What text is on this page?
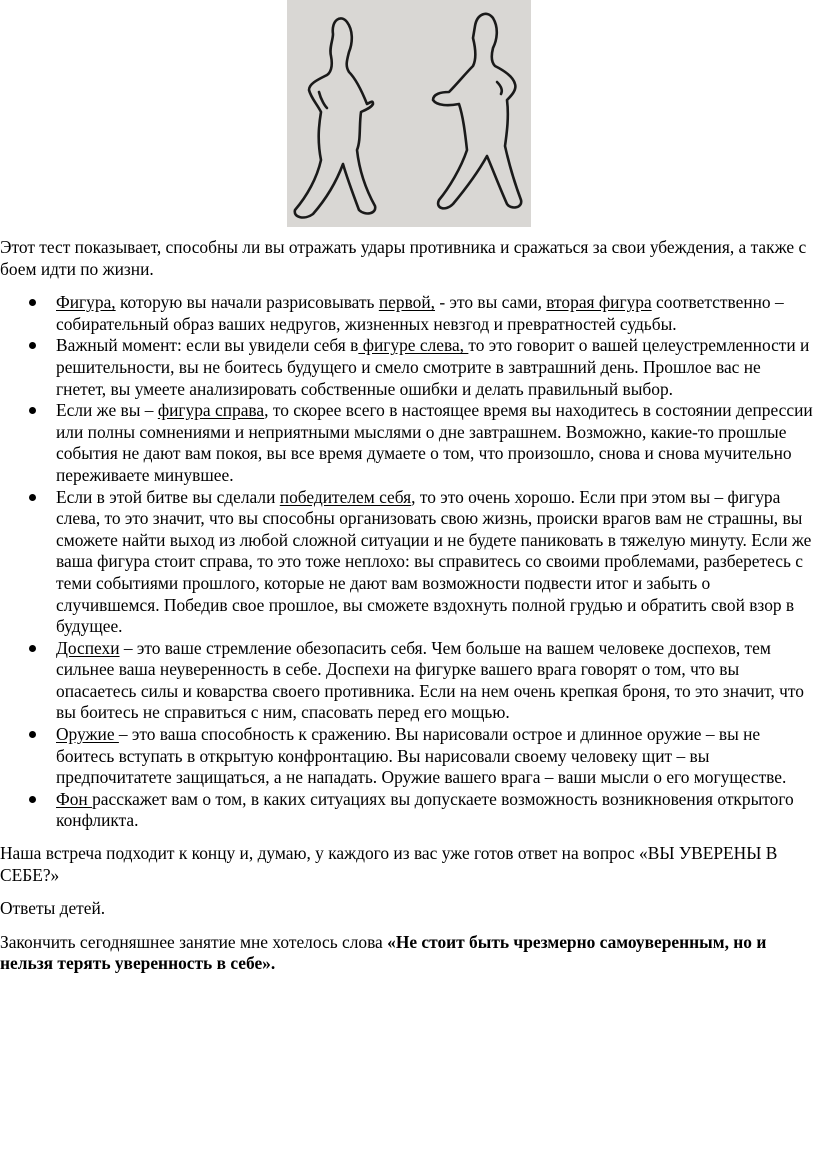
Этот тест показывает, способны ли вы отражать удары противника и сражаться за свои убеждения, а также с боем идти по жизни.

Фигура, которую вы начали разрисовывать первой, - это вы сами, вторая фигура соответственно – собирательный образ ваших недругов, жизненных невзгод и превратностей судьбы.
Важный момент: если вы увидели себя в фигуре слева, то это говорит о вашей целеустремленности и решительности, вы не боитесь будущего и смело смотрите в завтрашний день. Прошлое вас не гнетет, вы умеете анализировать собственные ошибки и делать правильный выбор.
Если же вы – фигура справа, то скорее всего в настоящее время вы находитесь в состоянии депрессии или полны сомнениями и неприятными мыслями о дне завтрашнем. Возможно, какие-то прошлые события не дают вам покоя, вы все время думаете о том, что произошло, снова и снова мучительно переживаете минувшее.
Если в этой битве вы сделали победителем себя, то это очень хорошо. Если при этом вы – фигура слева, то это значит, что вы способны организовать свою жизнь, происки врагов вам не страшны, вы сможете найти выход из любой сложной ситуации и не будете паниковать в тяжелую минуту. Если же ваша фигура стоит справа, то это тоже неплохо: вы справитесь со своими проблемами, разберетесь с теми событиями прошлого, которые не дают вам возможности подвести итог и забыть о случившемся. Победив свое прошлое, вы сможете вздохнуть полной грудью и обратить свой взор в будущее.
Доспехи – это ваше стремление обезопасить себя. Чем больше на вашем человеке доспехов, тем сильнее ваша неуверенность в себе. Доспехи на фигурке вашего врага говорят о том, что вы опасаетесь силы и коварства своего противника. Если на нем очень крепкая броня, то это значит, что вы боитесь не справиться с ним, спасовать перед его мощью.
Оружие – это ваша способность к сражению. Вы нарисовали острое и длинное оружие – вы не боитесь вступать в открытую конфронтацию. Вы нарисовали своему человеку щит – вы предпочитатете защищаться, а не нападать. Оружие вашего врага – ваши мысли о его могуществе.
Фон расскажет вам о том, в каких ситуациях вы допускаете возможность возникновения открытого конфликта.

Наша встреча подходит к концу и, думаю, у каждого из вас уже готов ответ на вопрос «ВЫ УВЕРЕНЫ В СЕБЕ?»

Ответы детей.

Закончить сегодняшнее занятие мне хотелось слова «Не стоит быть чрезмерно самоуверенным, но и нельзя терять уверенность в себе».
